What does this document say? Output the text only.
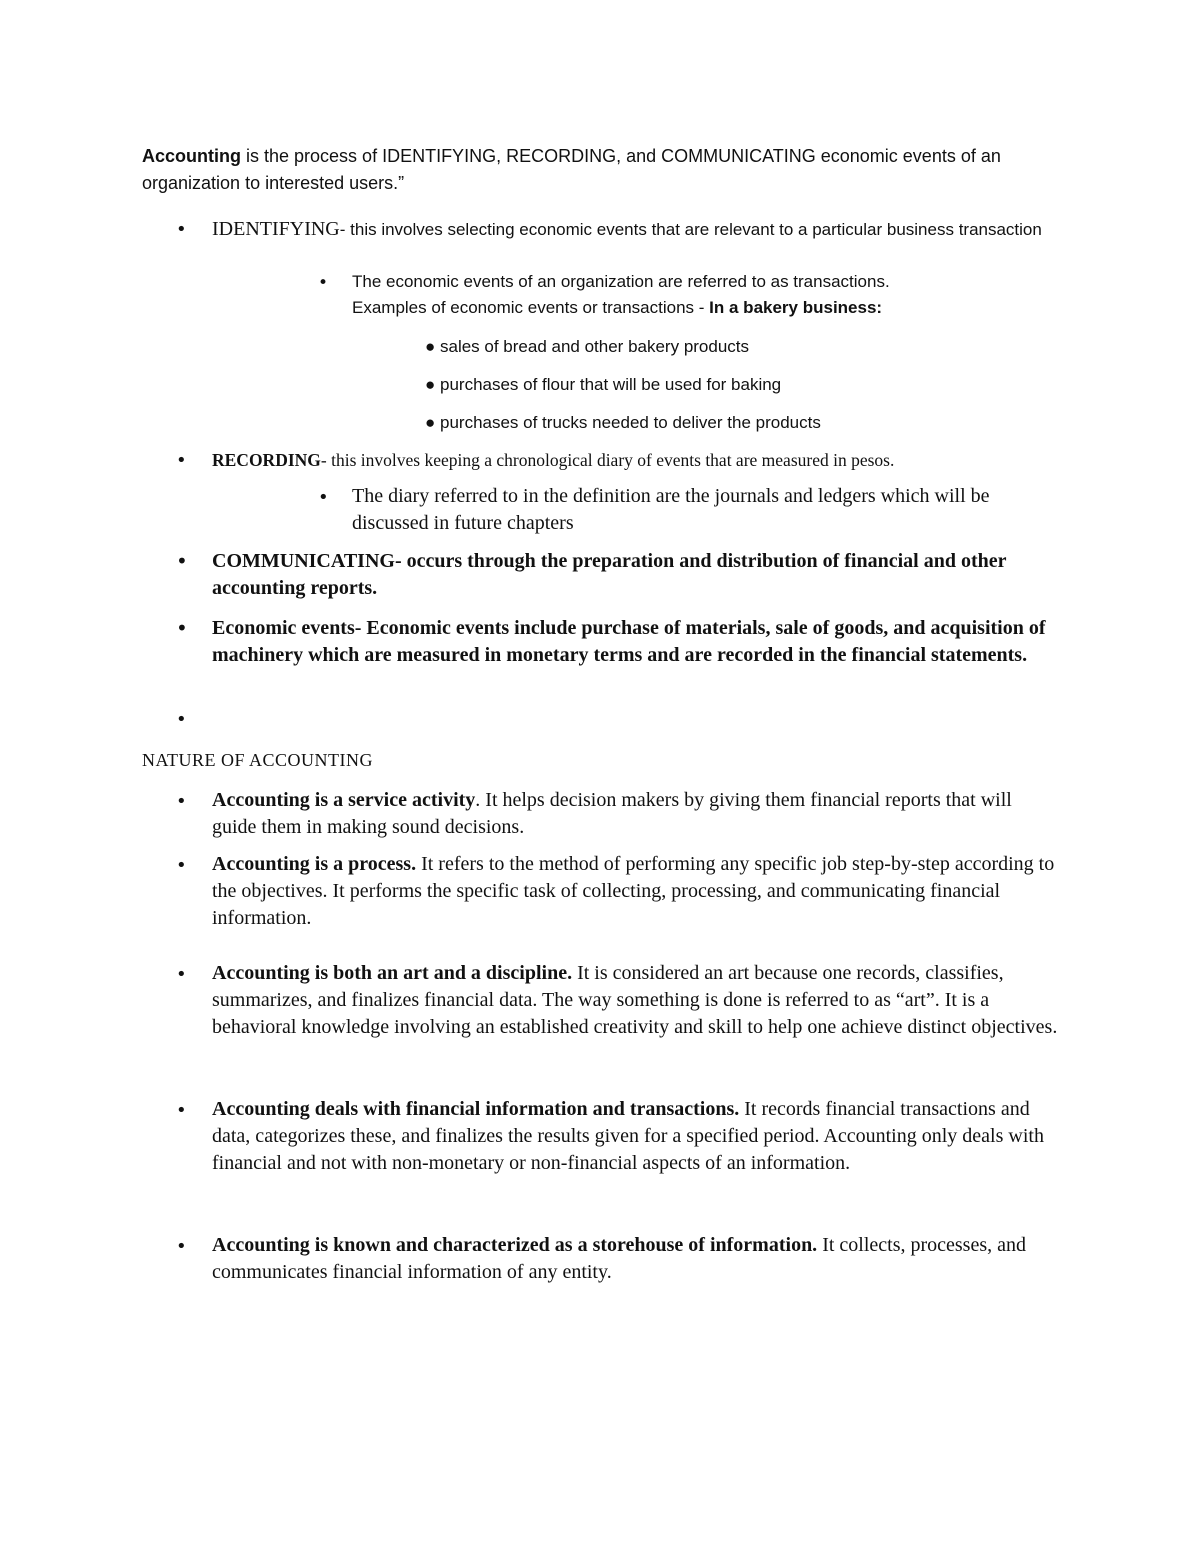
Accounting is the process of IDENTIFYING, RECORDING, and COMMUNICATING economic events of an organization to interested users.”

• IDENTIFYING- this involves selecting economic events that are relevant to a particular business transaction
• The economic events of an organization are referred to as transactions.
Examples of economic events or transactions - In a bakery business:
● sales of bread and other bakery products
● purchases of flour that will be used for baking
● purchases of trucks needed to deliver the products
• RECORDING- this involves keeping a chronological diary of events that are measured in pesos.
• The diary referred to in the definition are the journals and ledgers which will be discussed in future chapters
• COMMUNICATING- occurs through the preparation and distribution of financial and other accounting reports.
• Economic events- Economic events include purchase of materials, sale of goods, and acquisition of machinery which are measured in monetary terms and are recorded in the financial statements.
•
NATURE OF ACCOUNTING
• Accounting is a service activity. It helps decision makers by giving them financial reports that will guide them in making sound decisions.
• Accounting is a process. It refers to the method of performing any specific job step-by-step according to the objectives. It performs the specific task of collecting, processing, and communicating financial information.
• Accounting is both an art and a discipline. It is considered an art because one records, classifies, summarizes, and finalizes financial data. The way something is done is referred to as “art”. It is a behavioral knowledge involving an established creativity and skill to help one achieve distinct objectives.
• Accounting deals with financial information and transactions. It records financial transactions and data, categorizes these, and finalizes the results given for a specified period. Accounting only deals with financial and not with non-monetary or non-financial aspects of an information.
• Accounting is known and characterized as a storehouse of information. It collects, processes, and communicates financial information of any entity.
